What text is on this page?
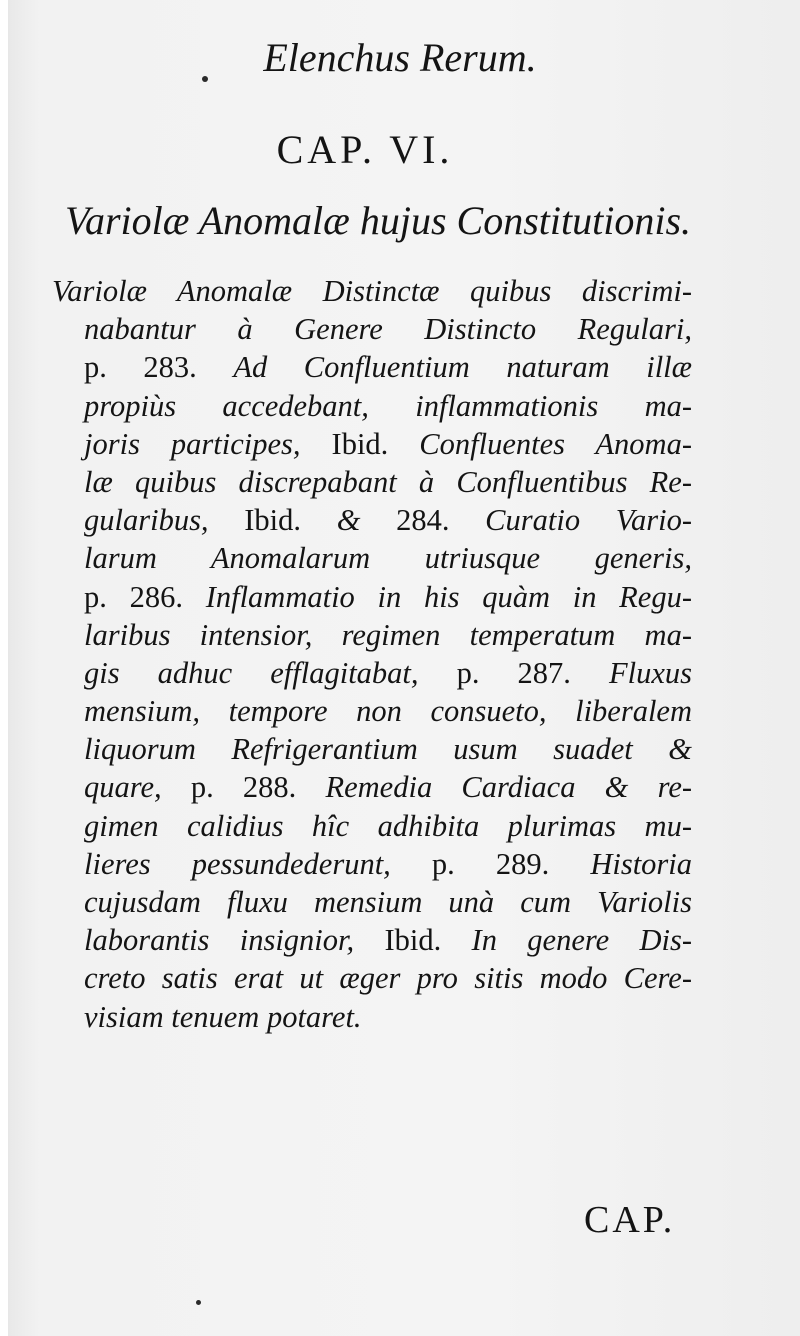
Elenchus Rerum.
CAP. VI.
Variolæ Anomalæ hujus Constitutionis.
Variolæ Anomalæ Distinctæ quibus discrimi-
nabantur à Genere Distincto Regulari,
p. 283. Ad Confluentium naturam illæ
propiùs accedebant, inflammationis ma-
joris participes, Ibid. Confluentes Anoma-
læ quibus discrepabant à Confluentibus Re-
gularibus, Ibid. & 284. Curatio Vario-
larum Anomalarum utriusque generis,
p. 286. Inflammatio in his quàm in Regu-
laribus intensior, regimen temperatum ma-
gis adhuc efflagitabat, p. 287. Fluxus
mensium, tempore non consueto, liberalem
liquorum Refrigerantium usum suadet &
quare, p. 288. Remedia Cardiaca & re-
gimen calidius hîc adhibita plurimas mu-
lieres pessundederunt, p. 289. Historia
cujusdam fluxu mensium unà cum Variolis
laborantis insignior, Ibid. In genere Dis-
creto satis erat ut æger pro sitis modo Cere-
visiam tenuem potaret.

CAP.
